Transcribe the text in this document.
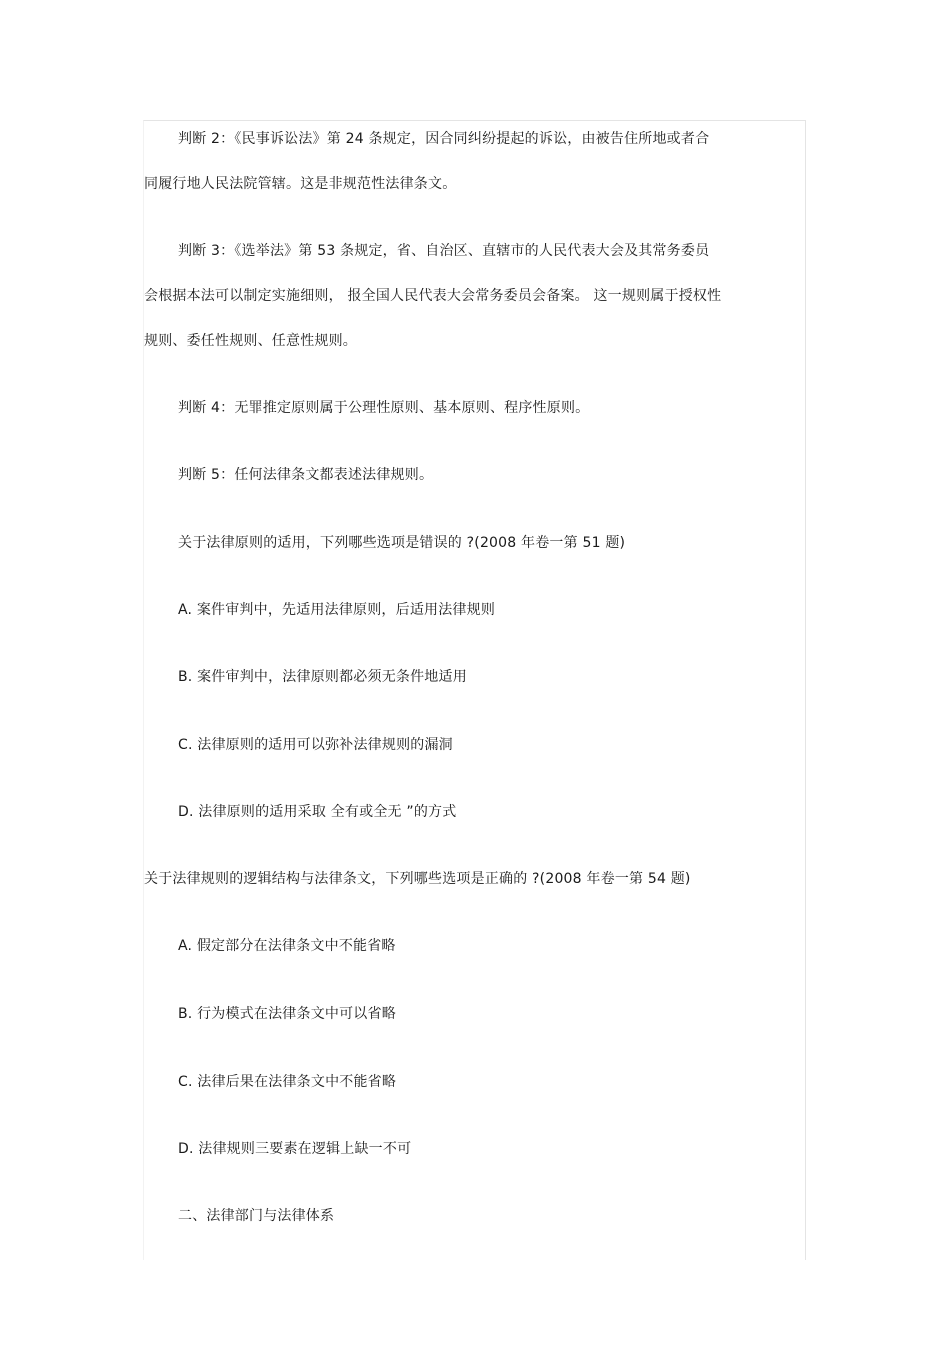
判断 2：《民事诉讼法》第 24 条规定，因合同纠纷提起的诉讼，由被告住所地或者合
同履行地人民法院管辖。这是非规范性法律条文。
判断 3：《选举法》第 53 条规定，省、自治区、直辖市的人民代表大会及其常务委员
会根据本法可以制定实施细则， 报全国人民代表大会常务委员会备案。 这一规则属于授权性
规则、委任性规则、任意性规则。
判断 4：无罪推定原则属于公理性原则、基本原则、程序性原则。
判断 5：任何法律条文都表述法律规则。
关于法律原则的适用，下列哪些选项是错误的 ?(2008 年卷一第 51 题)
A. 案件审判中，先适用法律原则，后适用法律规则
B. 案件审判中，法律原则都必须无条件地适用
C. 法律原则的适用可以弥补法律规则的漏洞
D. 法律原则的适用采取 全有或全无 ”的方式
关于法律规则的逻辑结构与法律条文，下列哪些选项是正确的 ?(2008 年卷一第 54 题)
A. 假定部分在法律条文中不能省略
B. 行为模式在法律条文中可以省略
C. 法律后果在法律条文中不能省略
D. 法律规则三要素在逻辑上缺一不可
二、法律部门与法律体系
